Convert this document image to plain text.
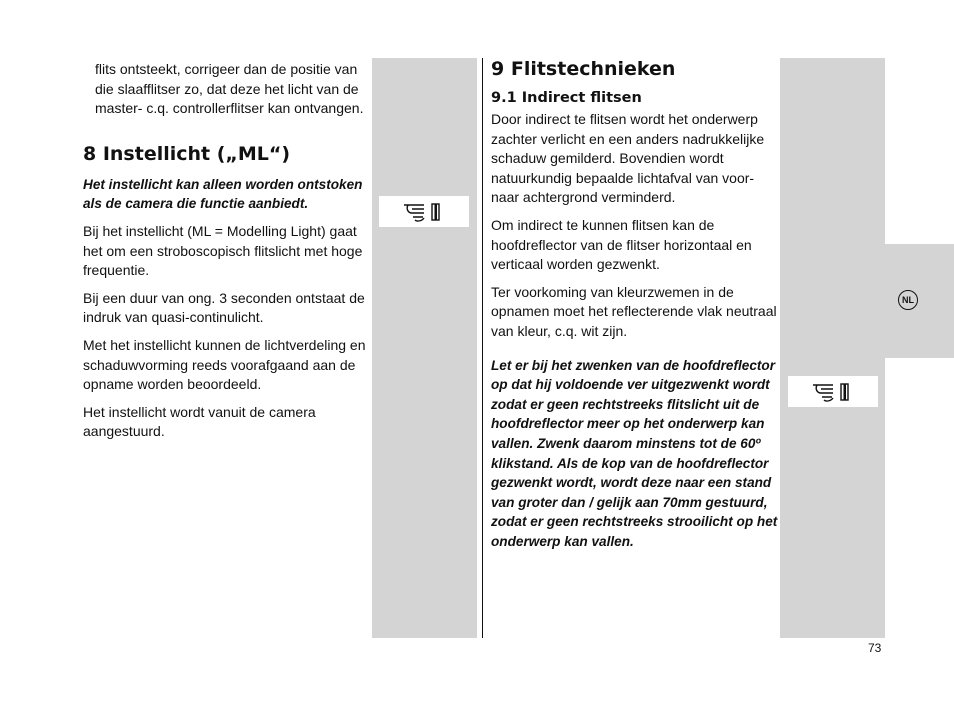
NL

flits ontsteekt, corrigeer dan de positie van die slaafflitser zo, dat deze het licht van de master- c.q. controllerflitser kan ontvangen.

8 Instellicht („ML“)

Het instellicht kan alleen worden ontstoken als de camera die functie aanbiedt.

Bij het instellicht (ML = Modelling Light) gaat het om een stroboscopisch flitslicht met hoge frequentie.

Bij een duur van ong. 3 seconden ontstaat de indruk van quasi-continulicht.

Met het instellicht kunnen de lichtverdeling en schaduwvorming reeds voorafgaand aan de opname worden beoordeeld.

Het instellicht wordt vanuit de camera aangestuurd.

9 Flitstechnieken
9.1 Indirect flitsen

Door indirect te flitsen wordt het onderwerp zachter verlicht en een anders nadrukkelijke schaduw gemilderd. Bovendien wordt natuurkundig bepaalde lichtafval van voor-naar achtergrond verminderd.

Om indirect te kunnen flitsen kan de hoofdreflector van de flitser horizontaal en verticaal worden gezwenkt.

Ter voorkoming van kleurzwemen in de opnamen moet het reflecterende vlak neutraal van kleur, c.q. wit zijn.

Let er bij het zwenken van de hoofdreflector op dat hij voldoende ver uitgezwenkt wordt zodat er geen rechtstreeks flitslicht uit de hoofdreflector meer op het onderwerp kan vallen. Zwenk daarom minstens tot de 60º klikstand. Als de kop van de hoofdreflector gezwenkt wordt, wordt deze naar een stand van groter dan / gelijk aan 70mm gestuurd, zodat er geen rechtstreeks strooilicht op het onderwerp kan vallen.

73
